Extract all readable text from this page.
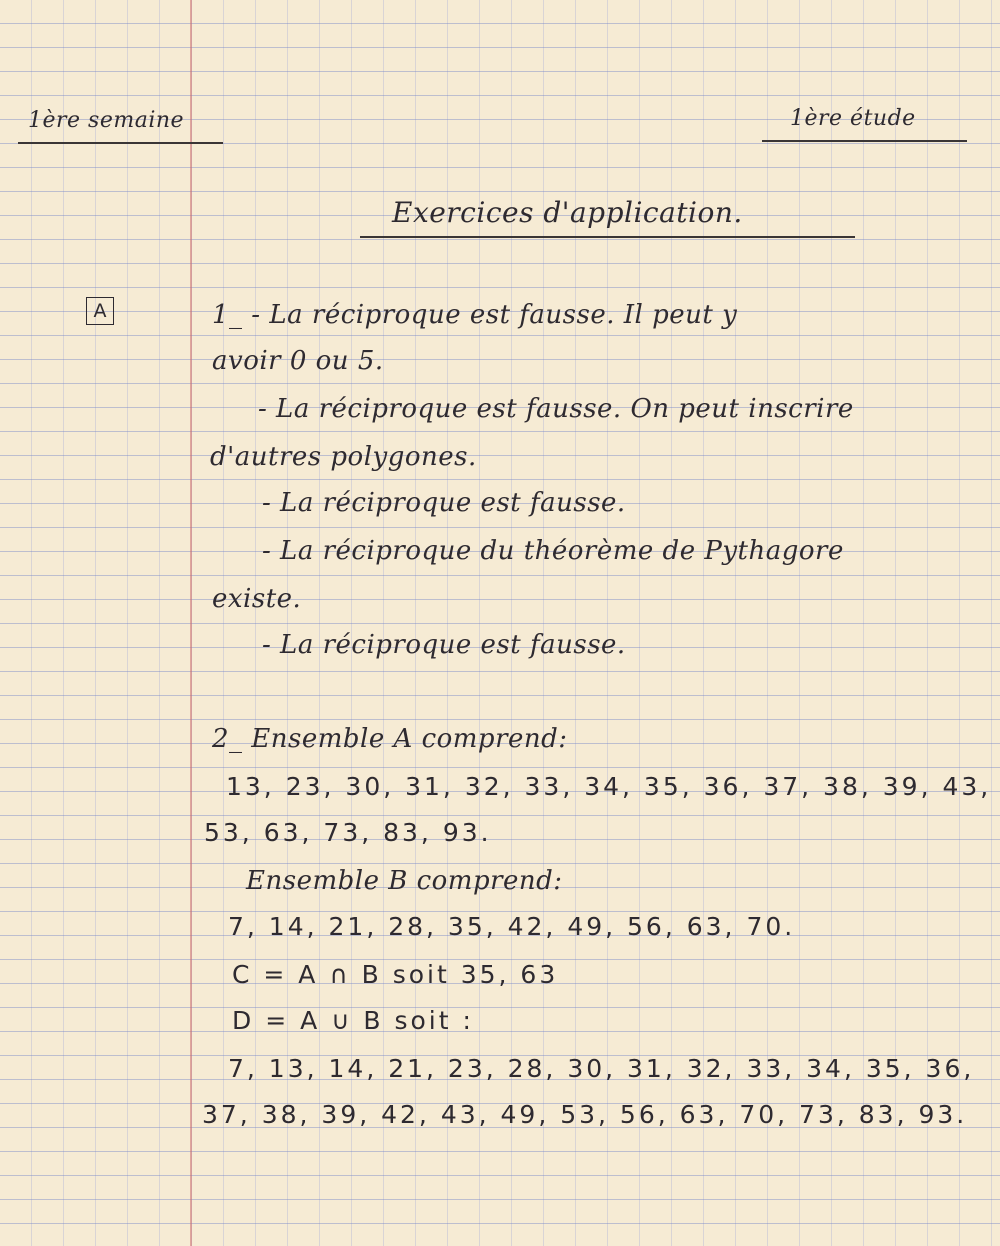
1ère semaine	1ère étude
Exercices d'application.
A	1_ - La réciproque est fausse. Il peut y
avoir 0 ou 5.
- La réciproque est fausse. On peut inscrire
d'autres polygones.
- La réciproque est fausse.
- La réciproque du théorème de Pythagore
existe.
- La réciproque est fausse.
2_ Ensemble A comprend:
13, 23, 30, 31, 32, 33, 34, 35, 36, 37, 38, 39, 43,
53, 63, 73, 83, 93.
Ensemble B comprend:
7, 14, 21, 28, 35, 42, 49, 56, 63, 70.
C = A ∩ B soit 35, 63
D = A ∪ B soit :
7, 13, 14, 21, 23, 28, 30, 31, 32, 33, 34, 35, 36,
37, 38, 39, 42, 43, 49, 53, 56, 63, 70, 73, 83, 93.
